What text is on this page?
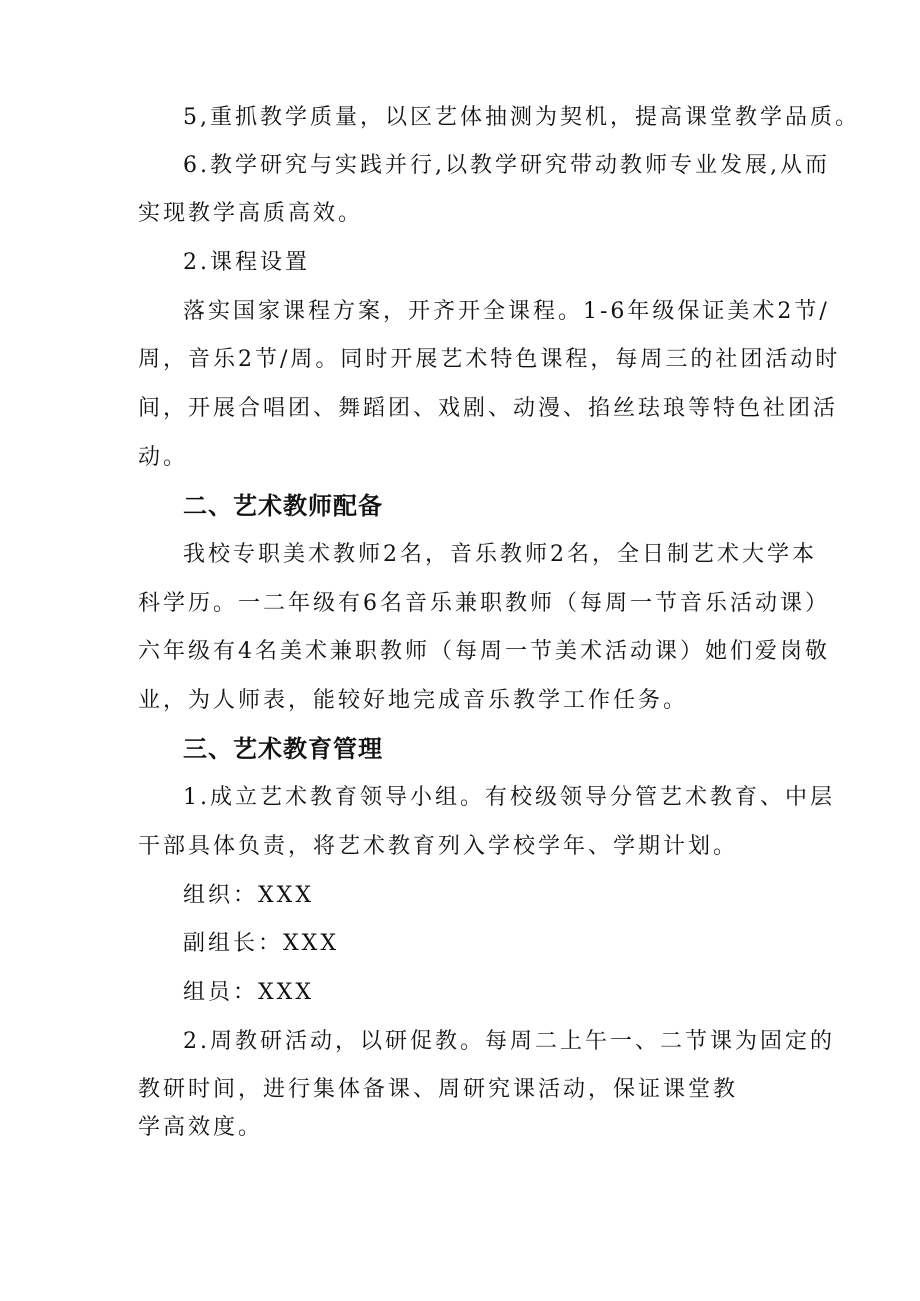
5,重抓教学质量，以区艺体抽测为契机，提高课堂教学品质。
6.教学研究与实践并行,以教学研究带动教师专业发展,从而
实现教学高质高效。
2.课程设置
落实国家课程方案，开齐开全课程。1-6年级保证美术2节/
周，音乐2节/周。同时开展艺术特色课程，每周三的社团活动时
间，开展合唱团、舞蹈团、戏剧、动漫、掐丝珐琅等特色社团活
动。
二、艺术教师配备
我校专职美术教师2名，音乐教师2名，全日制艺术大学本
科学历。一二年级有6名音乐兼职教师（每周一节音乐活动课）
六年级有4名美术兼职教师（每周一节美术活动课）她们爱岗敬
业，为人师表，能较好地完成音乐教学工作任务。
三、艺术教育管理
1.成立艺术教育领导小组。有校级领导分管艺术教育、中层
干部具体负责，将艺术教育列入学校学年、学期计划。
组织：XXX
副组长：XXX
组员：XXX
2.周教研活动，以研促教。每周二上午一、二节课为固定的
教研时间，进行集体备课、周研究课活动，保证课堂教
学高效度。
